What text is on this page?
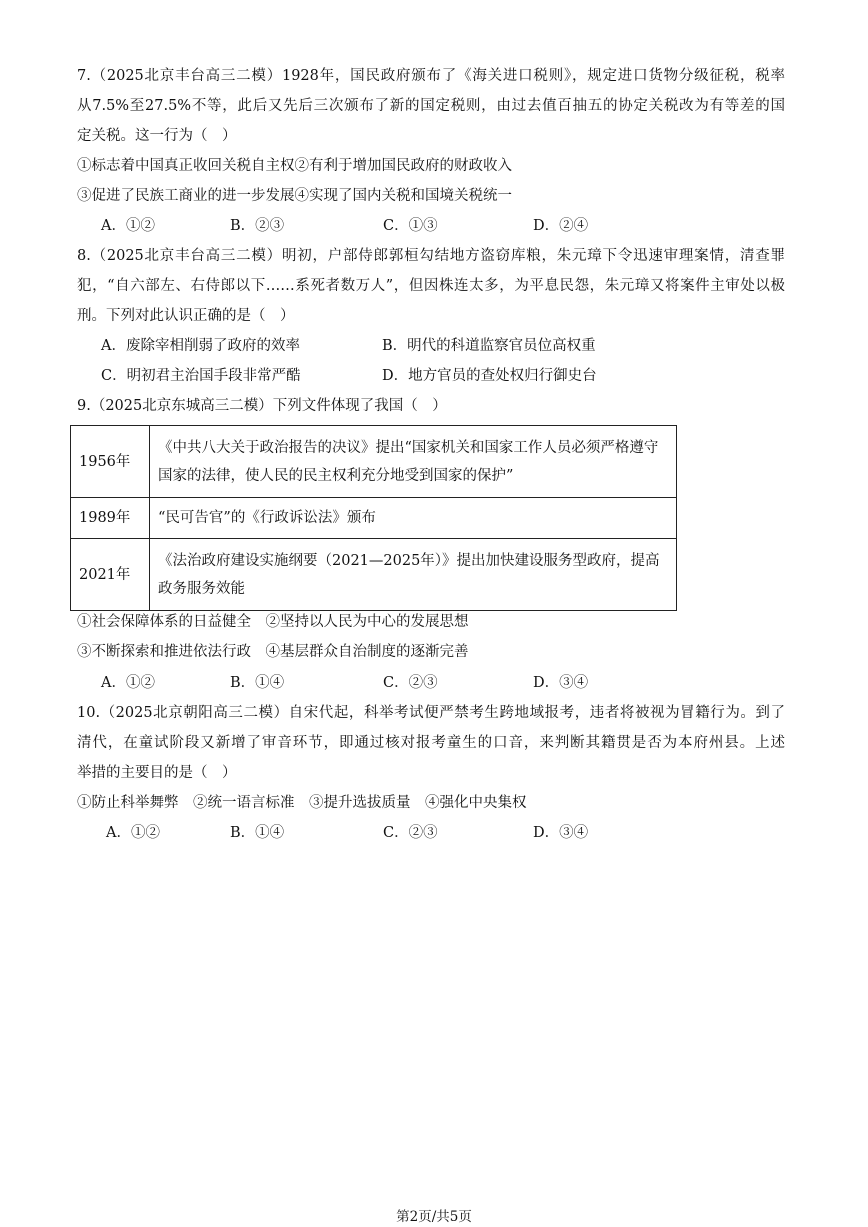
7.（2025北京丰台高三二模）1928年，国民政府颁布了《海关进口税则》，规定进口货物分级征税，税率
从7.5%至27.5%不等，此后又先后三次颁布了新的国定税则，由过去值百抽五的协定关税改为有等差的国
定关税。这一行为（　）
①标志着中国真正收回关税自主权②有利于增加国民政府的财政收入
③促进了民族工商业的进一步发展④实现了国内关税和国境关税统一
A．①②	B．②③	C．①③	D．②④
8.（2025北京丰台高三二模）明初，户部侍郎郭桓勾结地方盗窃库粮，朱元璋下令迅速审理案情，清查罪
犯，“自六部左、右侍郎以下……系死者数万人”，但因株连太多，为平息民怨，朱元璋又将案件主审处以极
刑。下列对此认识正确的是（　）
A．废除宰相削弱了政府的效率	B．明代的科道监察官员位高权重
C．明初君主治国手段非常严酷	D．地方官员的查处权归行御史台
9.（2025北京东城高三二模）下列文件体现了我国（　）
1956年	《中共八大关于政治报告的决议》提出“国家机关和国家工作人员必须严格遵守国家的法律，使人民的民主权利充分地受到国家的保护”
1989年	“民可告官”的《行政诉讼法》颁布
2021年	《法治政府建设实施纲要（2021—2025年）》提出加快建设服务型政府，提高政务服务效能
①社会保障体系的日益健全　②坚持以人民为中心的发展思想
③不断探索和推进依法行政　④基层群众自治制度的逐渐完善
A．①②	B．①④	C．②③	D．③④
10.（2025北京朝阳高三二模）自宋代起，科举考试便严禁考生跨地域报考，违者将被视为冒籍行为。到了
清代，在童试阶段又新增了审音环节，即通过核对报考童生的口音，来判断其籍贯是否为本府州县。上述
举措的主要目的是（　）
①防止科举舞弊　②统一语言标准　③提升选拔质量　④强化中央集权
A．①②	B．①④	C．②③	D．③④
第2页/共5页
